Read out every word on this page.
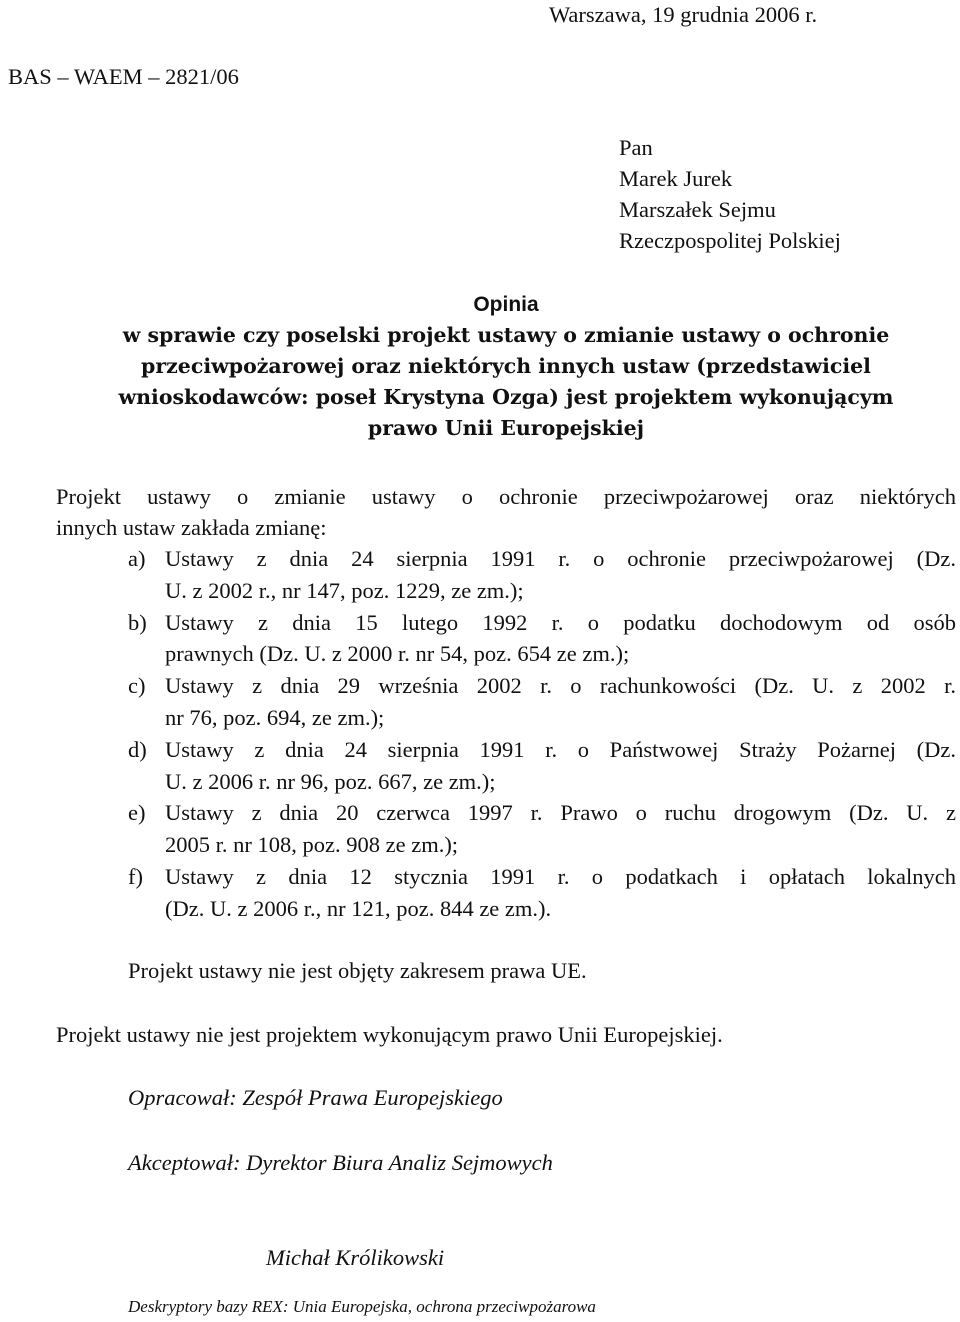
Warszawa, 19 grudnia 2006 r.
BAS – WAEM – 2821/06
Pan
Marek Jurek
Marszałek Sejmu
Rzeczpospolitej Polskiej
Opinia
w sprawie czy poselski projekt ustawy o zmianie ustawy o ochronie
przeciwpożarowej oraz niektórych innych ustaw (przedstawiciel
wnioskodawców: poseł Krystyna Ozga) jest projektem wykonującym
prawo Unii Europejskiej
Projekt ustawy o zmianie ustawy o ochronie przeciwpożarowej oraz niektórych
innych ustaw zakłada zmianę:
a) Ustawy z dnia 24 sierpnia 1991 r. o ochronie przeciwpożarowej (Dz.
U. z 2002 r., nr 147, poz. 1229, ze zm.);
b) Ustawy z dnia 15 lutego 1992 r. o podatku dochodowym od osób
prawnych (Dz. U. z 2000 r. nr 54, poz. 654 ze zm.);
c) Ustawy z dnia 29 września 2002 r. o rachunkowości (Dz. U. z 2002 r.
nr 76, poz. 694, ze zm.);
d) Ustawy z dnia 24 sierpnia 1991 r. o Państwowej Straży Pożarnej (Dz.
U. z 2006 r. nr 96, poz. 667, ze zm.);
e) Ustawy z dnia 20 czerwca 1997 r. Prawo o ruchu drogowym (Dz. U. z
2005 r. nr 108, poz. 908 ze zm.);
f) Ustawy z dnia 12 stycznia 1991 r. o podatkach i opłatach lokalnych
(Dz. U. z 2006 r., nr 121, poz. 844 ze zm.).
Projekt ustawy nie jest objęty zakresem prawa UE.
Projekt ustawy nie jest projektem wykonującym prawo Unii Europejskiej.
Opracował: Zespół Prawa Europejskiego
Akceptował: Dyrektor Biura Analiz Sejmowych
Michał Królikowski
Deskryptory bazy REX: Unia Europejska, ochrona przeciwpożarowa
